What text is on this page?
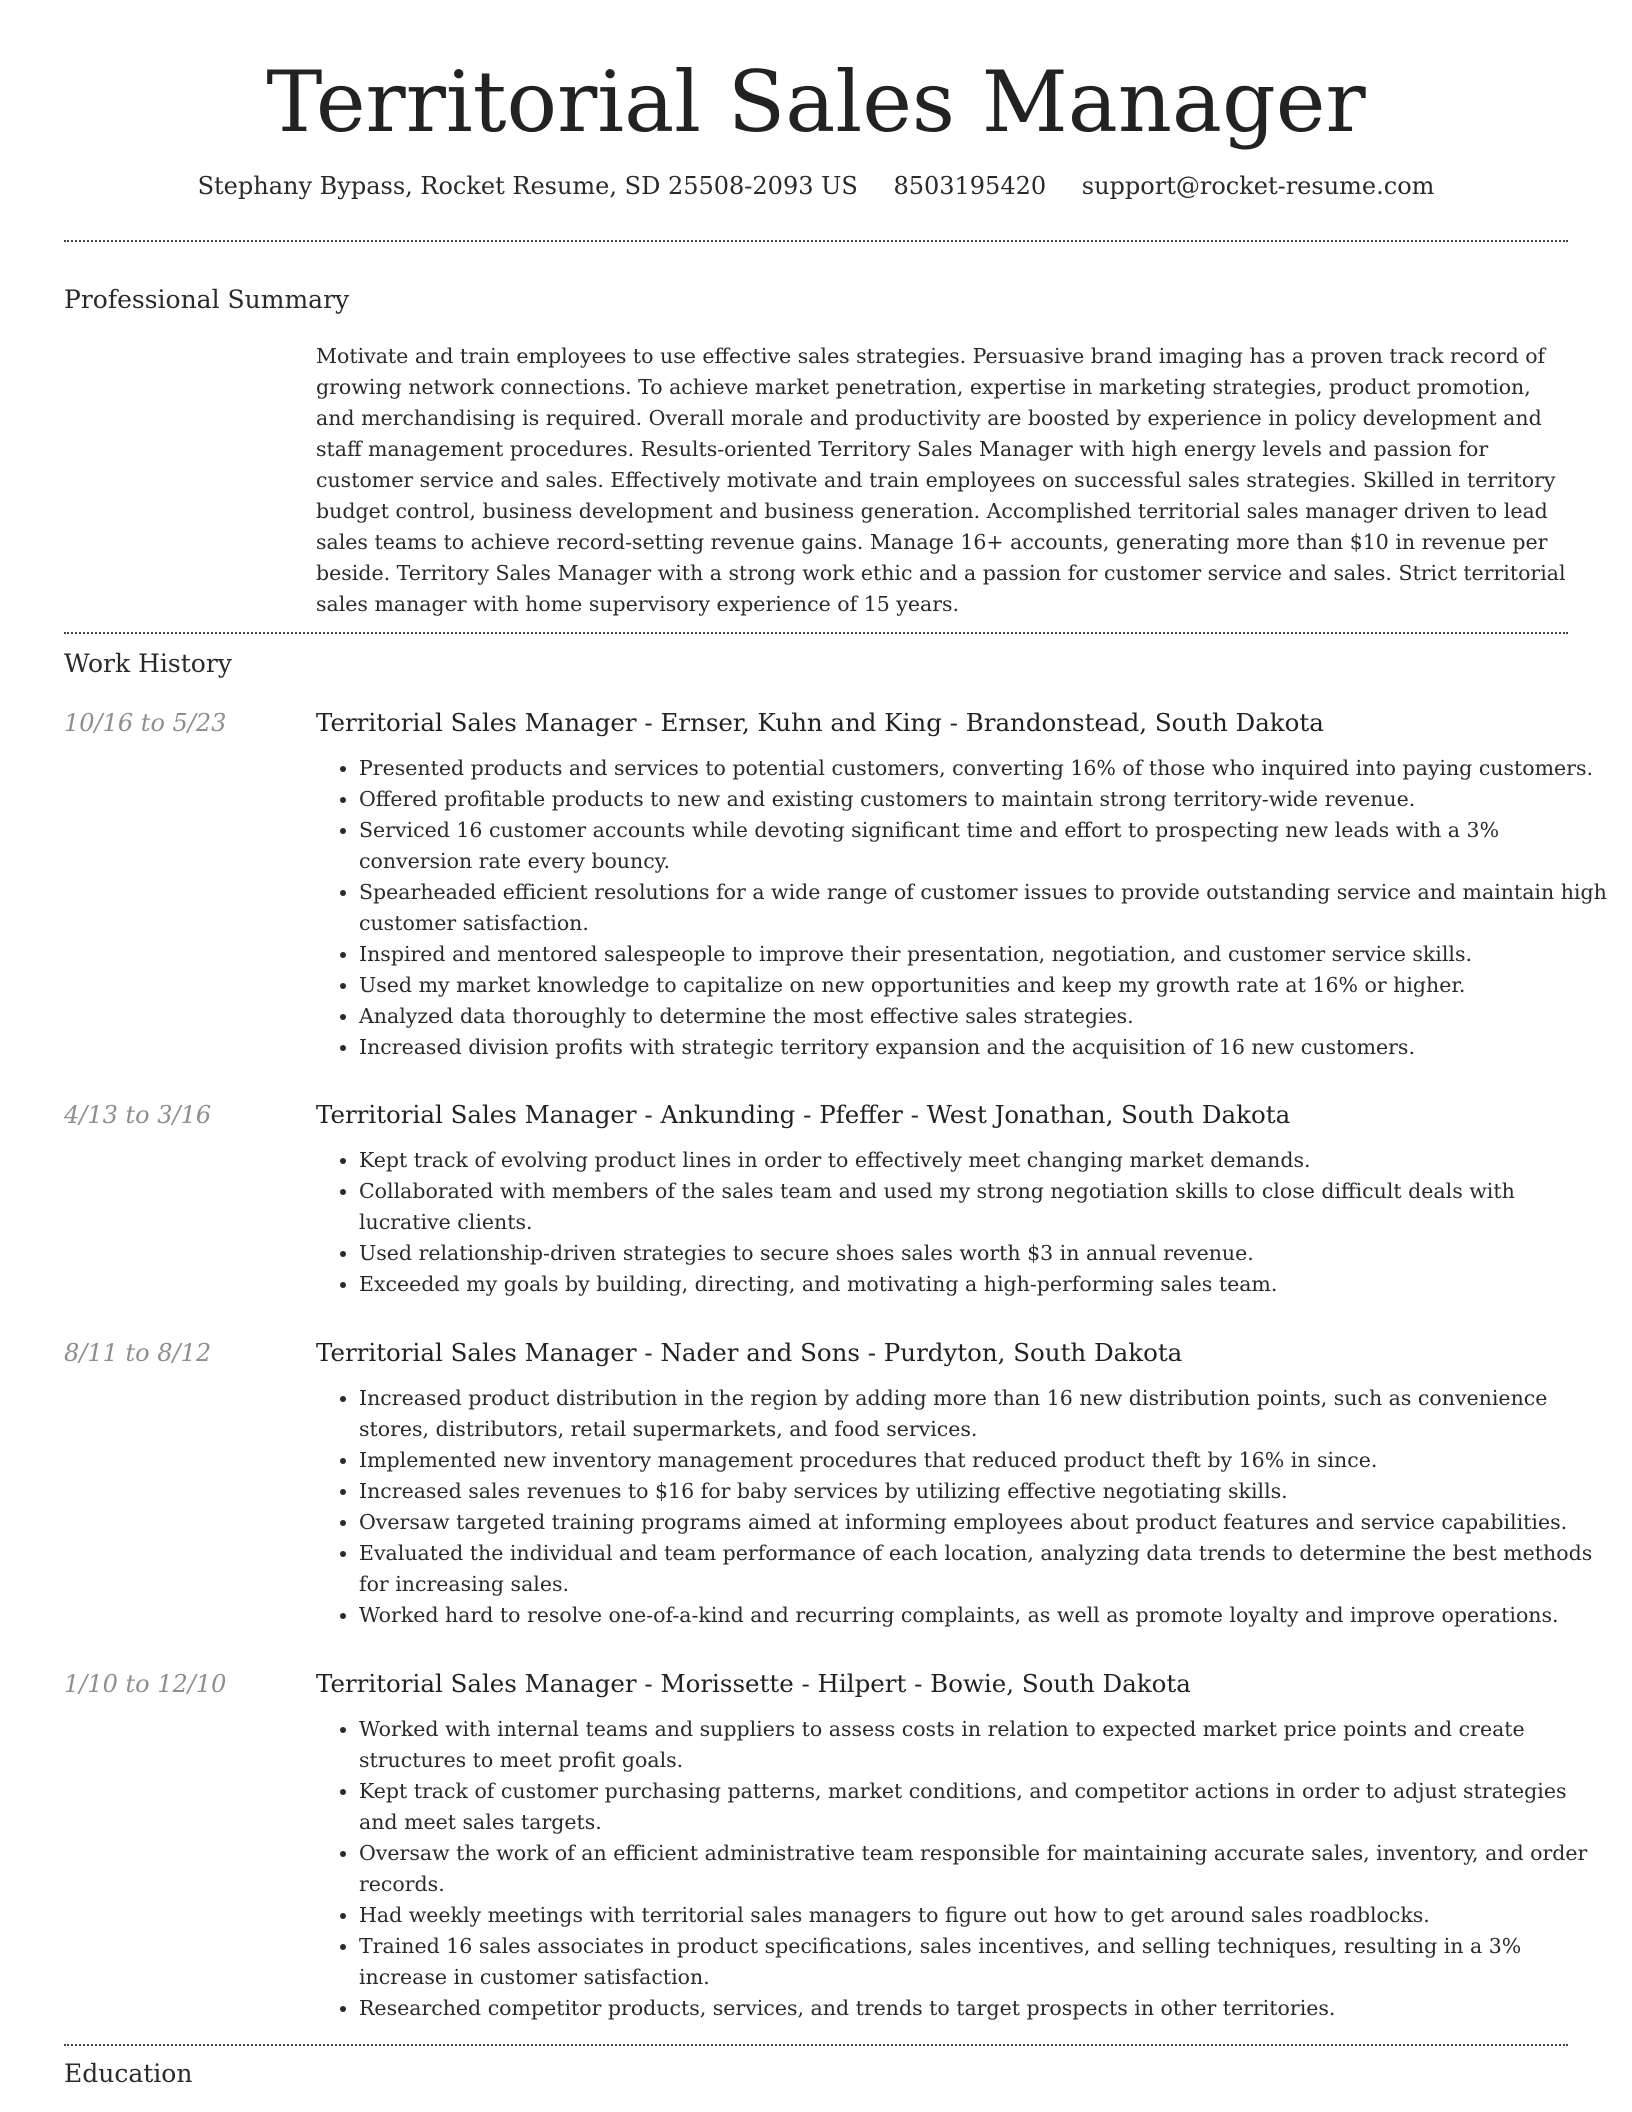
Territorial Sales Manager
Stephany Bypass, Rocket Resume, SD 25508-2093 US 8503195420 support@rocket-resume.com
Professional Summary

Motivate and train employees to use effective sales strategies. Persuasive brand imaging has a proven track record of growing network connections. To achieve market penetration, expertise in marketing strategies, product promotion, and merchandising is required. Overall morale and productivity are boosted by experience in policy development and staff management procedures. Results-oriented Territory Sales Manager with high energy levels and passion for customer service and sales. Effectively motivate and train employees on successful sales strategies. Skilled in territory budget control, business development and business generation. Accomplished territorial sales manager driven to lead sales teams to achieve record-setting revenue gains. Manage 16+ accounts, generating more than $10 in revenue per beside. Territory Sales Manager with a strong work ethic and a passion for customer service and sales. Strict territorial sales manager with home supervisory experience of 15 years.

Work History
10/16 to 5/23	Territorial Sales Manager - Ernser, Kuhn and King - Brandonstead, South Dakota
• Presented products and services to potential customers, converting 16% of those who inquired into paying customers.
• Offered profitable products to new and existing customers to maintain strong territory-wide revenue.
• Serviced 16 customer accounts while devoting significant time and effort to prospecting new leads with a 3% conversion rate every bouncy.
• Spearheaded efficient resolutions for a wide range of customer issues to provide outstanding service and maintain high customer satisfaction.
• Inspired and mentored salespeople to improve their presentation, negotiation, and customer service skills.
• Used my market knowledge to capitalize on new opportunities and keep my growth rate at 16% or higher.
• Analyzed data thoroughly to determine the most effective sales strategies.
• Increased division profits with strategic territory expansion and the acquisition of 16 new customers.
4/13 to 3/16	Territorial Sales Manager - Ankunding - Pfeffer - West Jonathan, South Dakota
• Kept track of evolving product lines in order to effectively meet changing market demands.
• Collaborated with members of the sales team and used my strong negotiation skills to close difficult deals with lucrative clients.
• Used relationship-driven strategies to secure shoes sales worth $3 in annual revenue.
• Exceeded my goals by building, directing, and motivating a high-performing sales team.
8/11 to 8/12	Territorial Sales Manager - Nader and Sons - Purdyton, South Dakota
• Increased product distribution in the region by adding more than 16 new distribution points, such as convenience stores, distributors, retail supermarkets, and food services.
• Implemented new inventory management procedures that reduced product theft by 16% in since.
• Increased sales revenues to $16 for baby services by utilizing effective negotiating skills.
• Oversaw targeted training programs aimed at informing employees about product features and service capabilities.
• Evaluated the individual and team performance of each location, analyzing data trends to determine the best methods for increasing sales.
• Worked hard to resolve one-of-a-kind and recurring complaints, as well as promote loyalty and improve operations.
1/10 to 12/10	Territorial Sales Manager - Morissette - Hilpert - Bowie, South Dakota
• Worked with internal teams and suppliers to assess costs in relation to expected market price points and create structures to meet profit goals.
• Kept track of customer purchasing patterns, market conditions, and competitor actions in order to adjust strategies and meet sales targets.
• Oversaw the work of an efficient administrative team responsible for maintaining accurate sales, inventory, and order records.
• Had weekly meetings with territorial sales managers to figure out how to get around sales roadblocks.
• Trained 16 sales associates in product specifications, sales incentives, and selling techniques, resulting in a 3% increase in customer satisfaction.
• Researched competitor products, services, and trends to target prospects in other territories.
Education
